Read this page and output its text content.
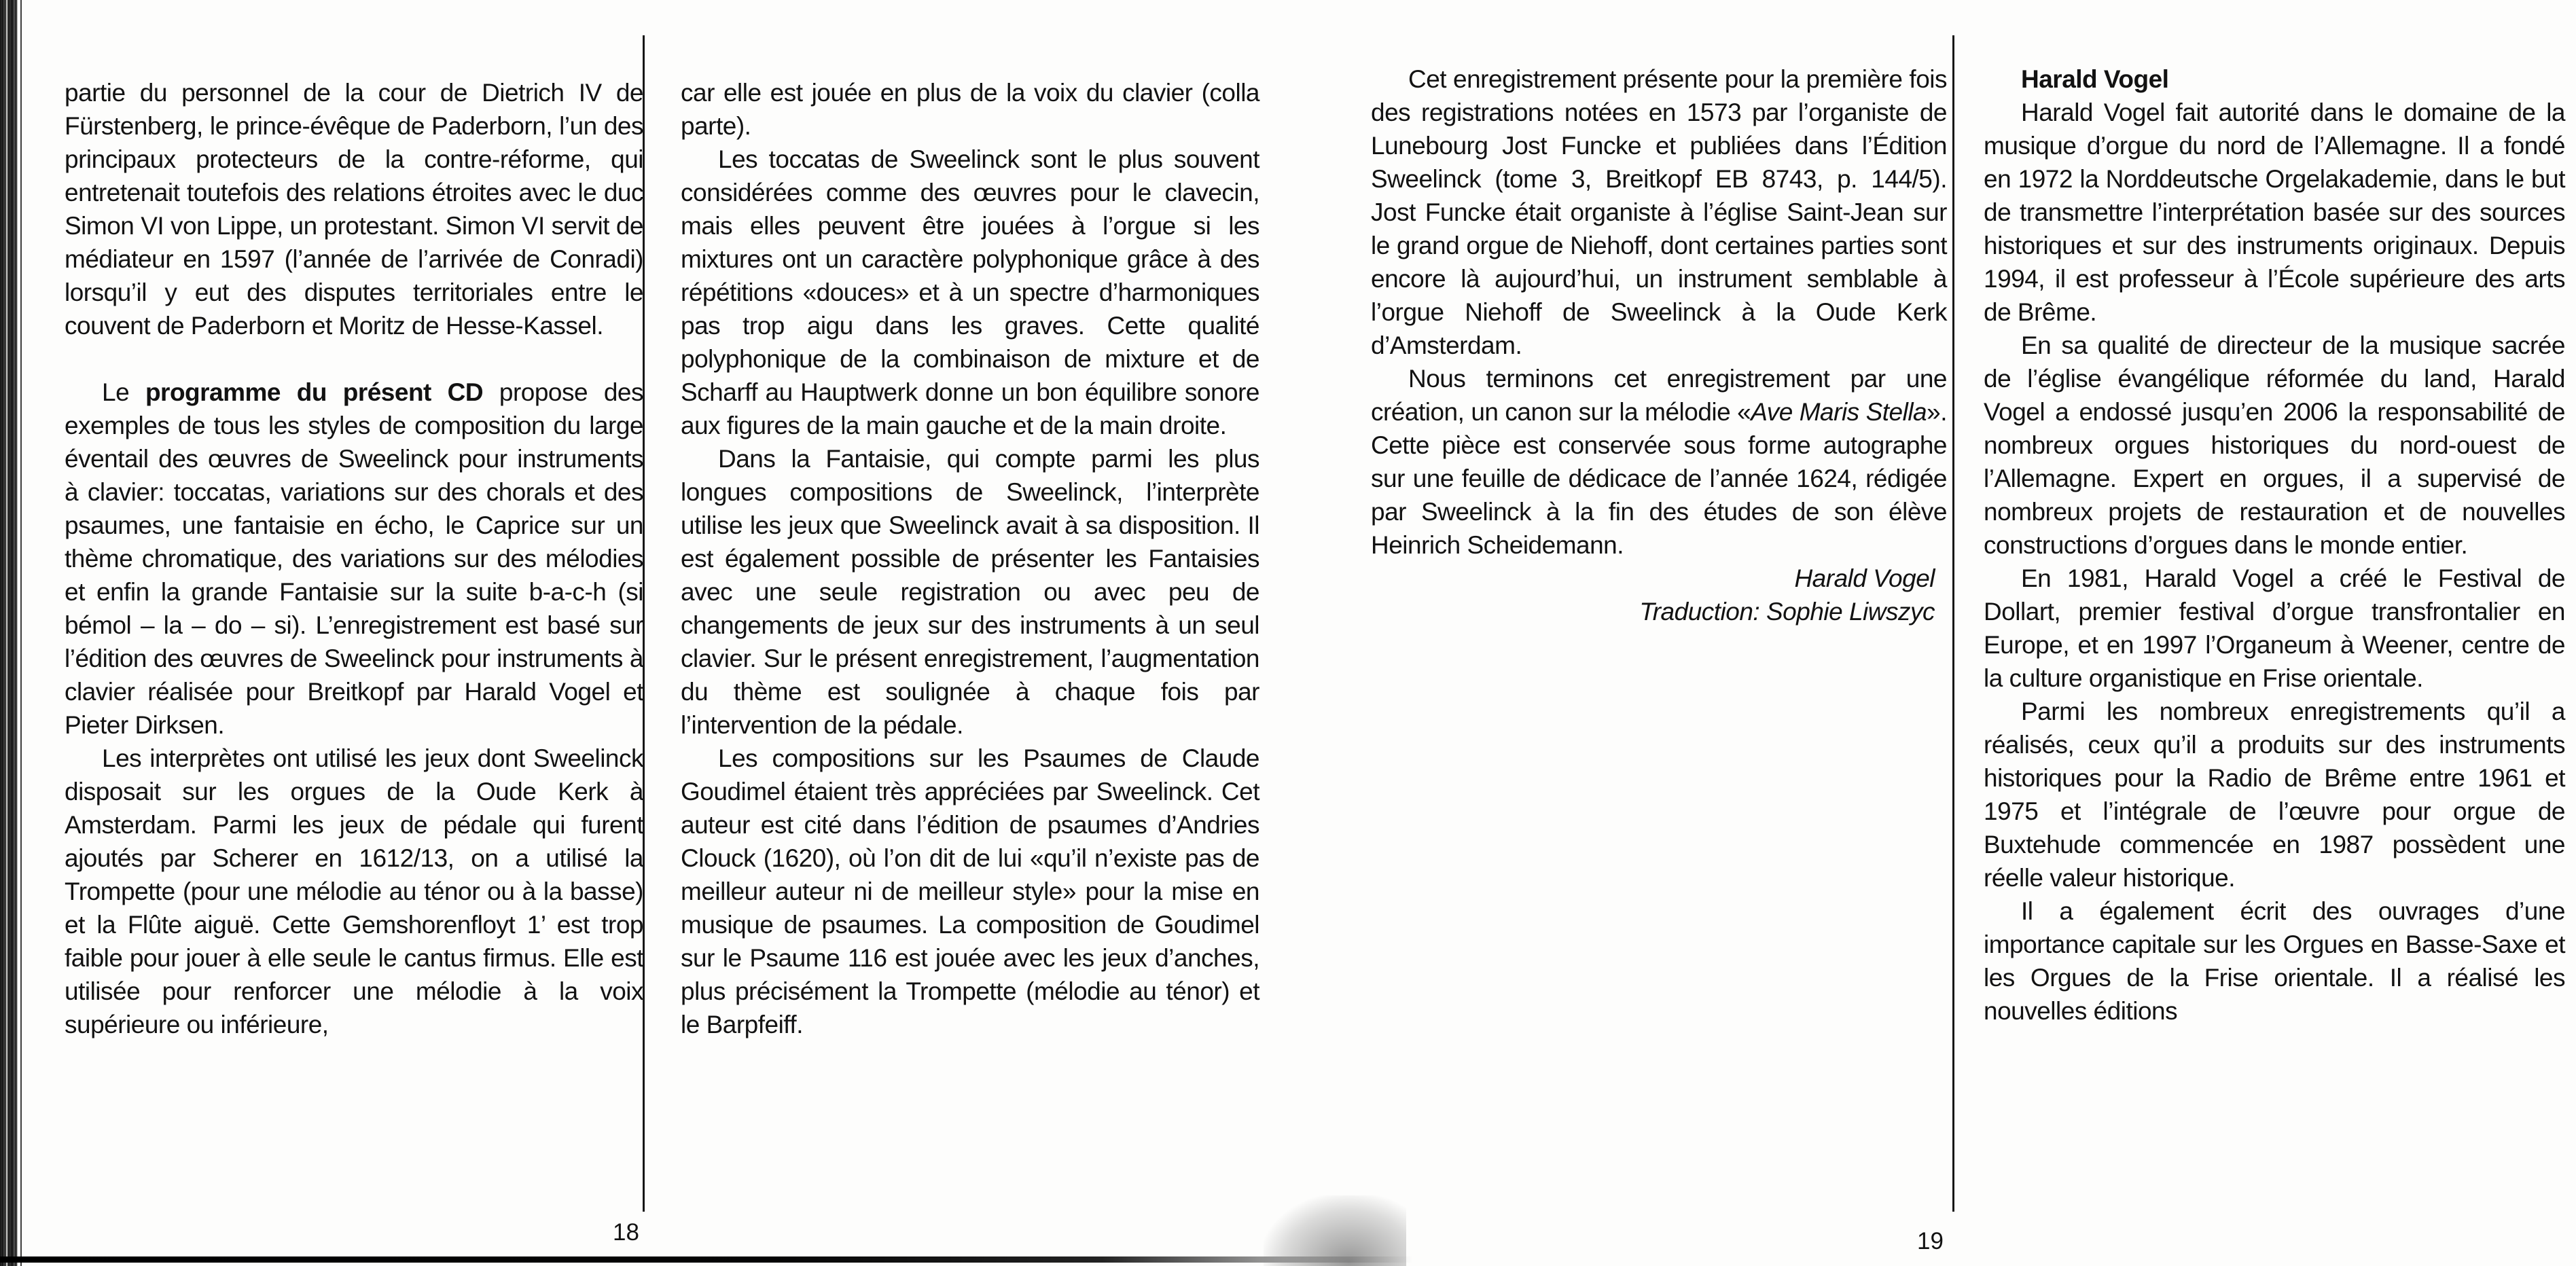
partie du personnel de la cour de Dietrich IV de Fürstenberg, le prince-évêque de Paderborn, l’un des principaux protecteurs de la contre-réforme, qui entretenait toutefois des relations étroites avec le duc Simon VI von Lippe, un protestant. Simon VI servit de médiateur en 1597 (l’année de l’arrivée de Conradi) lorsqu’il y eut des disputes territoriales entre le couvent de Paderborn et Moritz de Hesse-Kassel.

Le programme du présent CD propose des exemples de tous les styles de composition du large éventail des œuvres de Sweelinck pour instruments à clavier: toccatas, variations sur des chorals et des psaumes, une fantaisie en écho, le Caprice sur un thème chromatique, des variations sur des mélodies et enfin la grande Fantaisie sur la suite b-a-c-h (si bémol – la – do – si). L’enregistrement est basé sur l’édition des œuvres de Sweelinck pour instruments à clavier réalisée pour Breitkopf par Harald Vogel et Pieter Dirksen.

Les interprètes ont utilisé les jeux dont Sweelinck disposait sur les orgues de la Oude Kerk à Amsterdam. Parmi les jeux de pédale qui furent ajoutés par Scherer en 1612/13, on a utilisé la Trompette (pour une mélodie au ténor ou à la basse) et la Flûte aiguë. Cette Gemshorenfloyt 1’ est trop faible pour jouer à elle seule le cantus firmus. Elle est utilisée pour renforcer une mélodie à la voix supérieure ou inférieure,

car elle est jouée en plus de la voix du clavier (colla parte).

Les toccatas de Sweelinck sont le plus souvent considérées comme des œuvres pour le clavecin, mais elles peuvent être jouées à l’orgue si les mixtures ont un caractère polyphonique grâce à des répétitions «douces» et à un spectre d’harmoniques pas trop aigu dans les graves. Cette qualité polyphonique de la combinaison de mixture et de Scharff au Hauptwerk donne un bon équilibre sonore aux figures de la main gauche et de la main droite.

Dans la Fantaisie, qui compte parmi les plus longues compositions de Sweelinck, l’interprète utilise les jeux que Sweelinck avait à sa disposition. Il est également possible de présenter les Fantaisies avec une seule registration ou avec peu de changements de jeux sur des instruments à un seul clavier. Sur le présent enregistrement, l’augmentation du thème est soulignée à chaque fois par l’intervention de la pédale.

Les compositions sur les Psaumes de Claude Goudimel étaient très appréciées par Sweelinck. Cet auteur est cité dans l’édition de psaumes d’Andries Clouck (1620), où l’on dit de lui «qu’il n’existe pas de meilleur auteur ni de meilleur style» pour la mise en musique de psaumes. La composition de Goudimel sur le Psaume 116 est jouée avec les jeux d’anches, plus précisément la Trompette (mélodie au ténor) et le Barpfeiff.

Cet enregistrement présente pour la première fois des registrations notées en 1573 par l’organiste de Lunebourg Jost Funcke et publiées dans l’Édition Sweelinck (tome 3, Breitkopf EB 8743, p. 144/5). Jost Funcke était organiste à l’église Saint-Jean sur le grand orgue de Niehoff, dont certaines parties sont encore là aujourd’hui, un instrument semblable à l’orgue Niehoff de Sweelinck à la Oude Kerk d’Amsterdam.

Nous terminons cet enregistrement par une création, un canon sur la mélodie «Ave Maris Stella». Cette pièce est conservée sous forme autographe sur une feuille de dédicace de l’année 1624, rédigée par Sweelinck à la fin des études de son élève Heinrich Scheidemann.

Harald Vogel

Traduction: Sophie Liwszyc

Harald Vogel

Harald Vogel fait autorité dans le domaine de la musique d’orgue du nord de l’Allemagne. Il a fondé en 1972 la Norddeutsche Orgelakademie, dans le but de transmettre l’interprétation basée sur des sources historiques et sur des instruments originaux. Depuis 1994, il est professeur à l’École supérieure des arts de Brême.

En sa qualité de directeur de la musique sacrée de l’église évangélique réformée du land, Harald Vogel a endossé jusqu’en 2006 la responsabilité de nombreux orgues historiques du nord-ouest de l’Allemagne. Expert en orgues, il a supervisé de nombreux projets de restauration et de nouvelles constructions d’orgues dans le monde entier.

En 1981, Harald Vogel a créé le Festival de Dollart, premier festival d’orgue transfrontalier en Europe, et en 1997 l’Organeum à Weener, centre de la culture organistique en Frise orientale.

Parmi les nombreux enregistrements qu’il a réalisés, ceux qu’il a produits sur des instruments historiques pour la Radio de Brême entre 1961 et 1975 et l’intégrale de l’œuvre pour orgue de Buxtehude commencée en 1987 possèdent une réelle valeur historique.

Il a également écrit des ouvrages d’une importance capitale sur les Orgues en Basse-Saxe et les Orgues de la Frise orientale. Il a réalisé les nouvelles éditions

18	19
